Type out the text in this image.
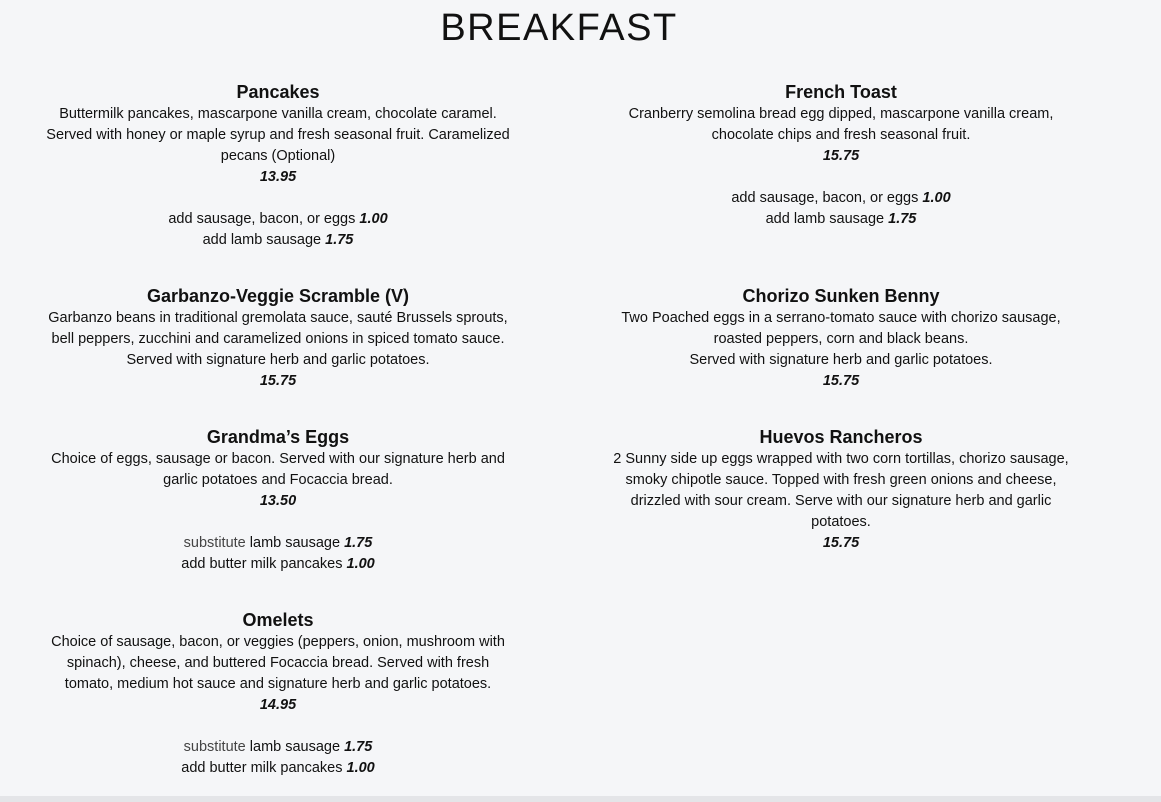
BREAKFAST
Pancakes
Buttermilk pancakes, mascarpone vanilla cream, chocolate caramel.
Served with honey or maple syrup and fresh seasonal fruit. Caramelized
pecans (Optional)
13.95
add sausage, bacon, or eggs 1.00
add lamb sausage 1.75
French Toast
Cranberry semolina bread egg dipped, mascarpone vanilla cream,
chocolate chips and fresh seasonal fruit.
15.75
add sausage, bacon, or eggs 1.00
add lamb sausage 1.75
Garbanzo-Veggie Scramble (V)
Garbanzo beans in traditional gremolata sauce, sauté Brussels sprouts,
bell peppers, zucchini and caramelized onions in spiced tomato sauce.
Served with signature herb and garlic potatoes.
15.75
Chorizo Sunken Benny
Two Poached eggs in a serrano-tomato sauce with chorizo sausage,
roasted peppers, corn and black beans.
Served with signature herb and garlic potatoes.
15.75
Grandma’s Eggs
Choice of eggs, sausage or bacon. Served with our signature herb and
garlic potatoes and Focaccia bread.
13.50
substitute lamb sausage 1.75
add butter milk pancakes 1.00
Huevos Rancheros
2 Sunny side up eggs wrapped with two corn tortillas, chorizo sausage,
smoky chipotle sauce. Topped with fresh green onions and cheese,
drizzled with sour cream. Serve with our signature herb and garlic
potatoes.
15.75
Omelets
Choice of sausage, bacon, or veggies (peppers, onion, mushroom with
spinach), cheese, and buttered Focaccia bread. Served with fresh
tomato, medium hot sauce and signature herb and garlic potatoes.
14.95
substitute lamb sausage 1.75
add butter milk pancakes 1.00
